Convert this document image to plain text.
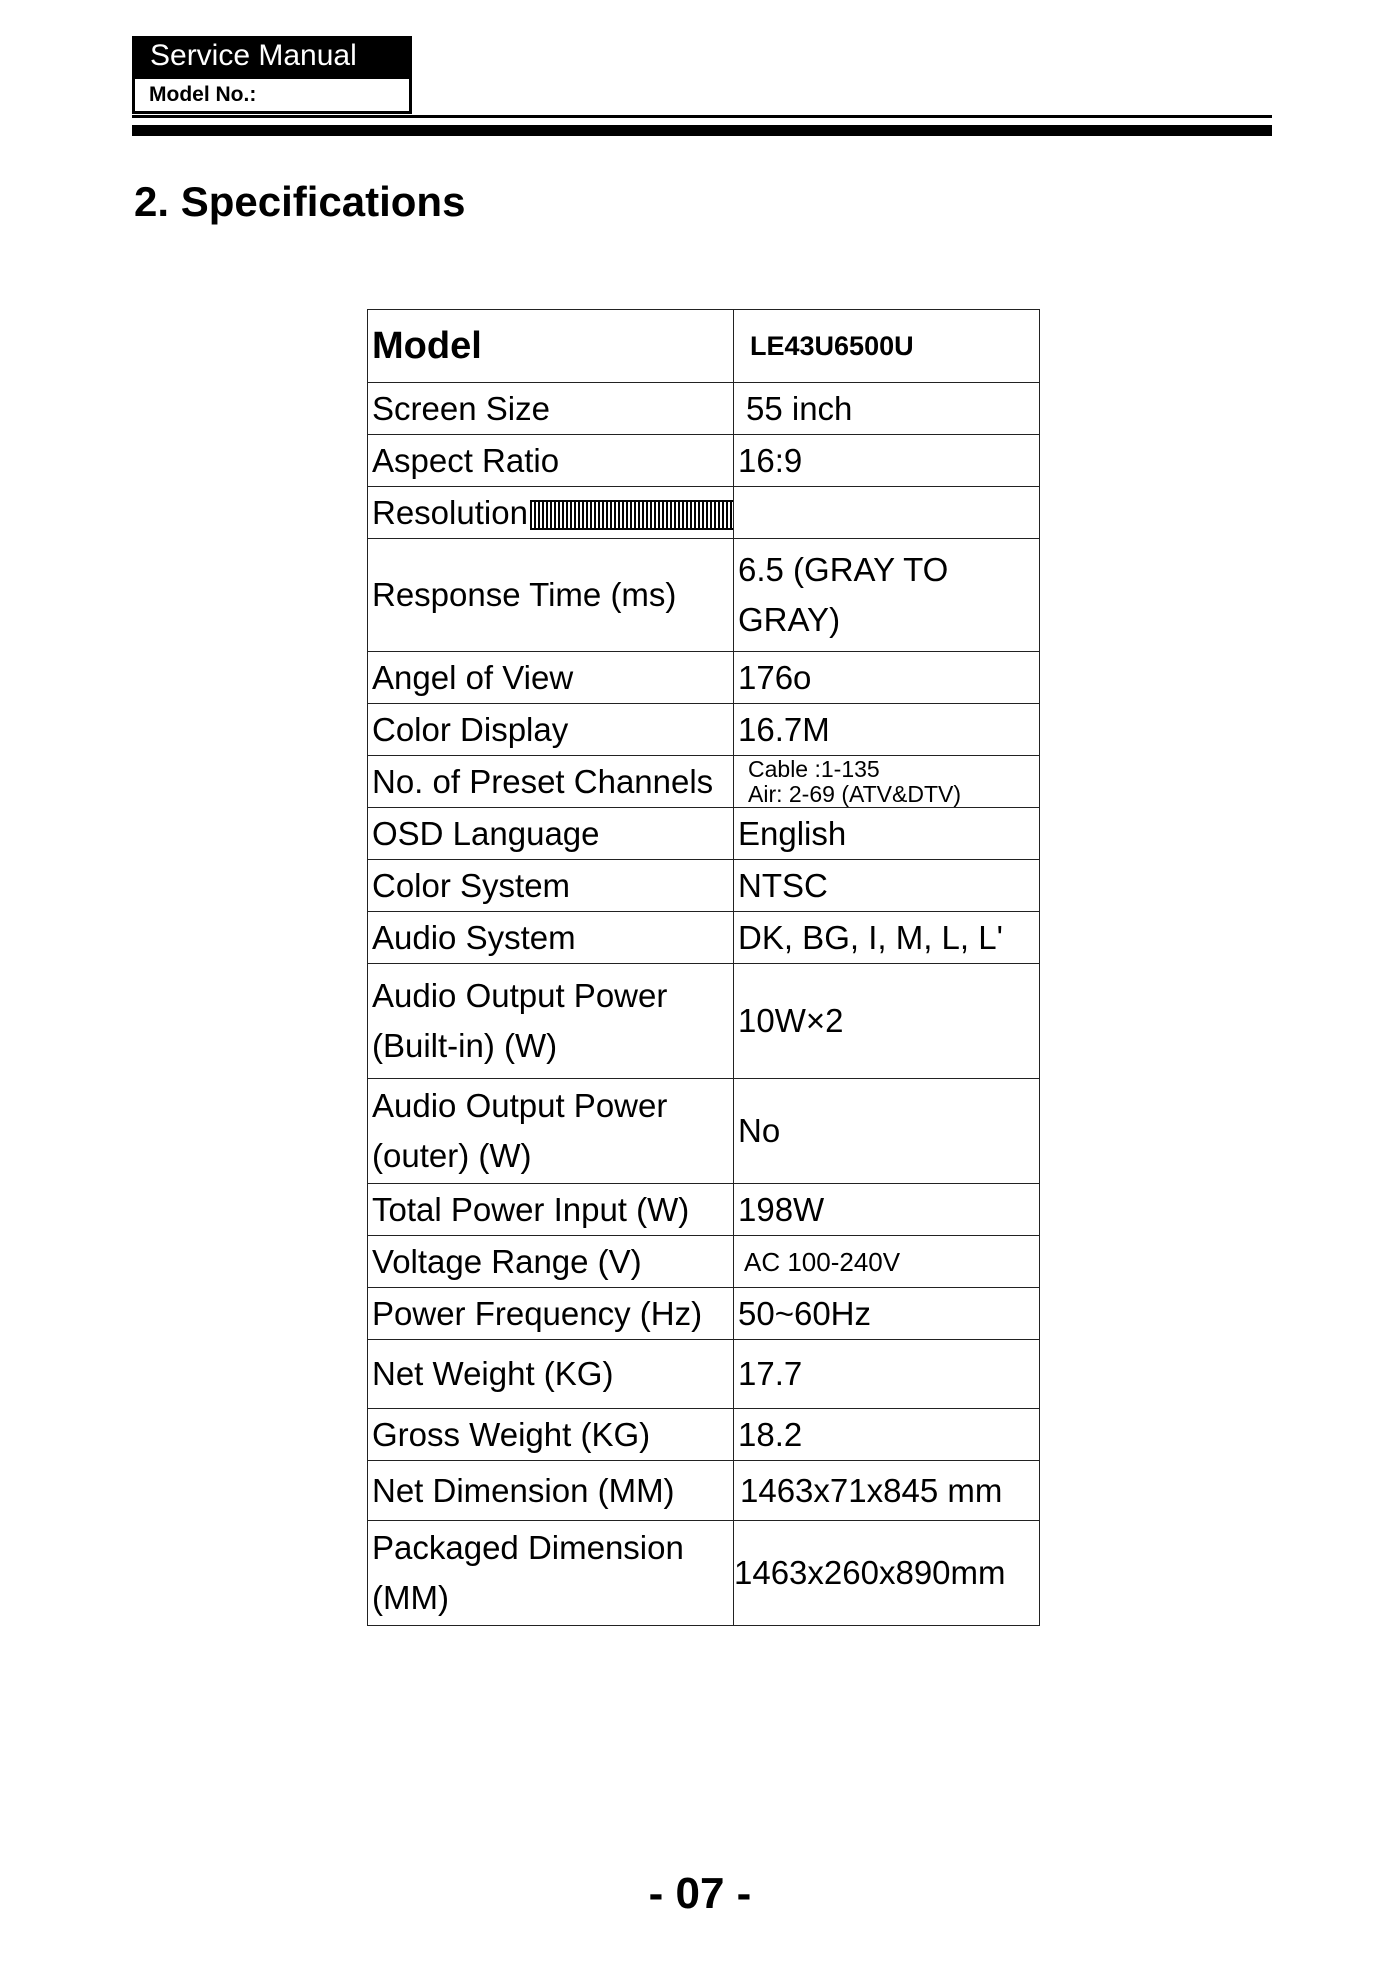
Service Manual
Model No.:
2. Specifications
Model	LE43U6500U
Screen Size	55 inch
Aspect Ratio	16:9
Resolution	
Response Time (ms)	6.5 (GRAY TO GRAY)
Angel of View	176o
Color Display	16.7M
No. of Preset Channels	Cable :1-135
Air: 2-69 (ATV&DTV)

OSD Language	English
Color System	NTSC
Audio System	DK, BG, I, M, L, L'
Audio Output Power (Built-in) (W)	10W×2
Audio Output Power (outer) (W)	No
Total Power Input (W)	198W
Voltage Range (V)	AC 100-240V
Power Frequency (Hz)	50~60Hz
Net Weight (KG)	17.7
Gross Weight (KG)	18.2
Net Dimension (MM)	1463x71x845 mm
Packaged Dimension (MM)	1463x260x890mm
- 07 -
